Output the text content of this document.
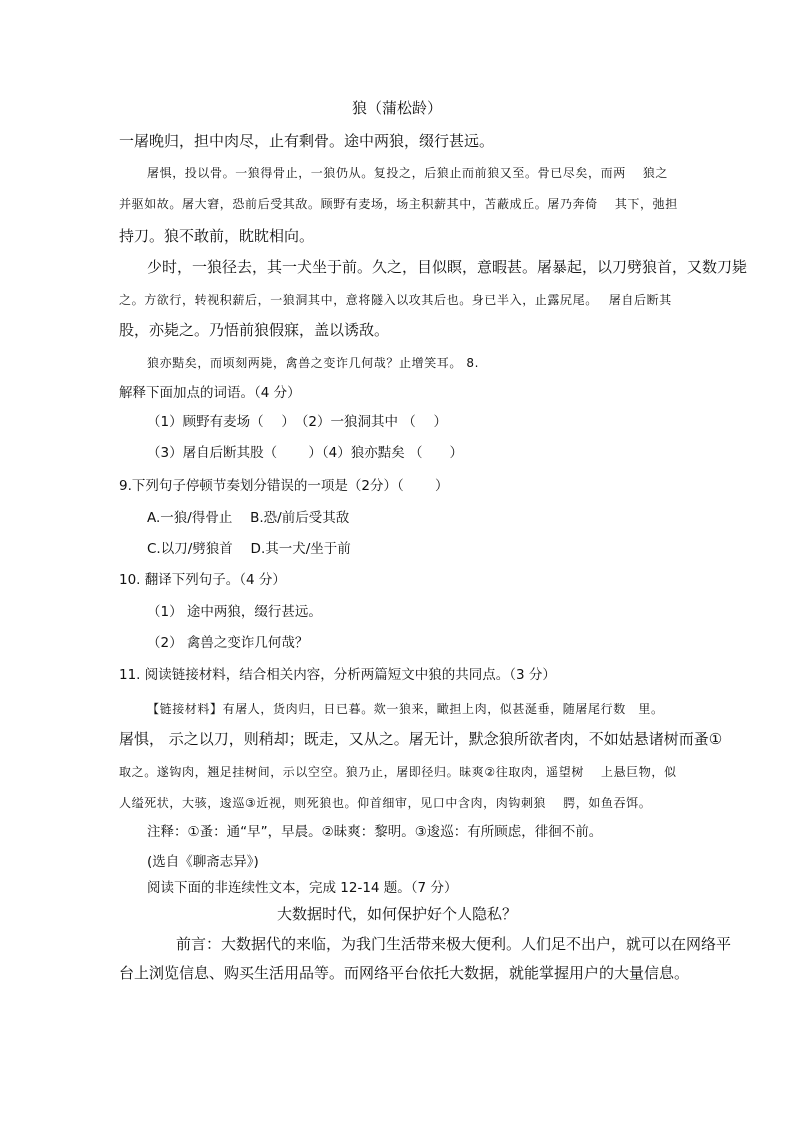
狼（蒲松龄）
一屠晚归，担中肉尽，止有剩骨。途中两狼，缀行甚远。
屠惧，投以骨。一狼得骨止，一狼仍从。复投之，后狼止而前狼又至。骨已尽矣，而两　 狼之
并驱如故。屠大窘，恐前后受其敌。顾野有麦场，场主积薪其中，苫蔽成丘。屠乃奔倚　 其下，弛担
持刀。狼不敢前，眈眈相向。
少时，一狼径去，其一犬坐于前。久之，目似瞑，意暇甚。屠暴起，以刀劈狼首，又数刀毙
之。方欲行，转视积薪后，一狼洞其中，意将隧入以攻其后也。身已半入，止露尻尾。　 屠自后断其
股，亦毙之。乃悟前狼假寐，盖以诱敌。
狼亦黠矣，而顷刻两毙，禽兽之变诈几何哉？止增笑耳。 8.
解释下面加点的词语。（4 分）
（1）顾野有麦场（　 ）　（2）一狼洞其中 （　 ）
（3）屠自后断其股（　　 ）（4）狼亦黠矣 （　　）
9.下列句子停顿节奏划分错误的一项是（2分）（　　 ）
A.一狼/得骨止　 B.恐/前后受其敌
C.以刀/劈狼首　 D.其一犬/坐于前
10. 翻译下列句子。（4 分）
（1） 途中两狼，缀行甚远。
（2） 禽兽之变诈几何哉？
11. 阅读链接材料，结合相关内容，分析两篇短文中狼的共同点。（3 分）
【链接材料】有屠人，货肉归，日已暮。欻一狼来，瞰担上肉，似甚涎垂，随屠尾行数　里。
屠惧， 示之以刀，则稍却；既走，又从之。屠无计，默念狼所欲者肉，不如姑悬诸树而蚤①
取之。遂钩肉，翘足挂树间，示以空空。狼乃止，屠即径归。昧爽②往取肉，遥望树　 上悬巨物，似
人缢死状，大骇，逡巡③近视，则死狼也。仰首细审，见口中含肉，肉钩刺狼　 腭，如鱼吞饵。
注释：①蚤：通“早”，早晨。②昧爽：黎明。③逡巡：有所顾虑，徘徊不前。
(选自《聊斋志异》)
阅读下面的非连续性文本，完成 12-14 题。（7 分）
大数据时代，如何保护好个人隐私？
前言：大数据代的来临，为我门生活带来极大便利。人们足不出户，就可以在网络平
台上浏览信息、购买生活用品等。而网络平台依托大数据，就能掌握用户的大量信息。
